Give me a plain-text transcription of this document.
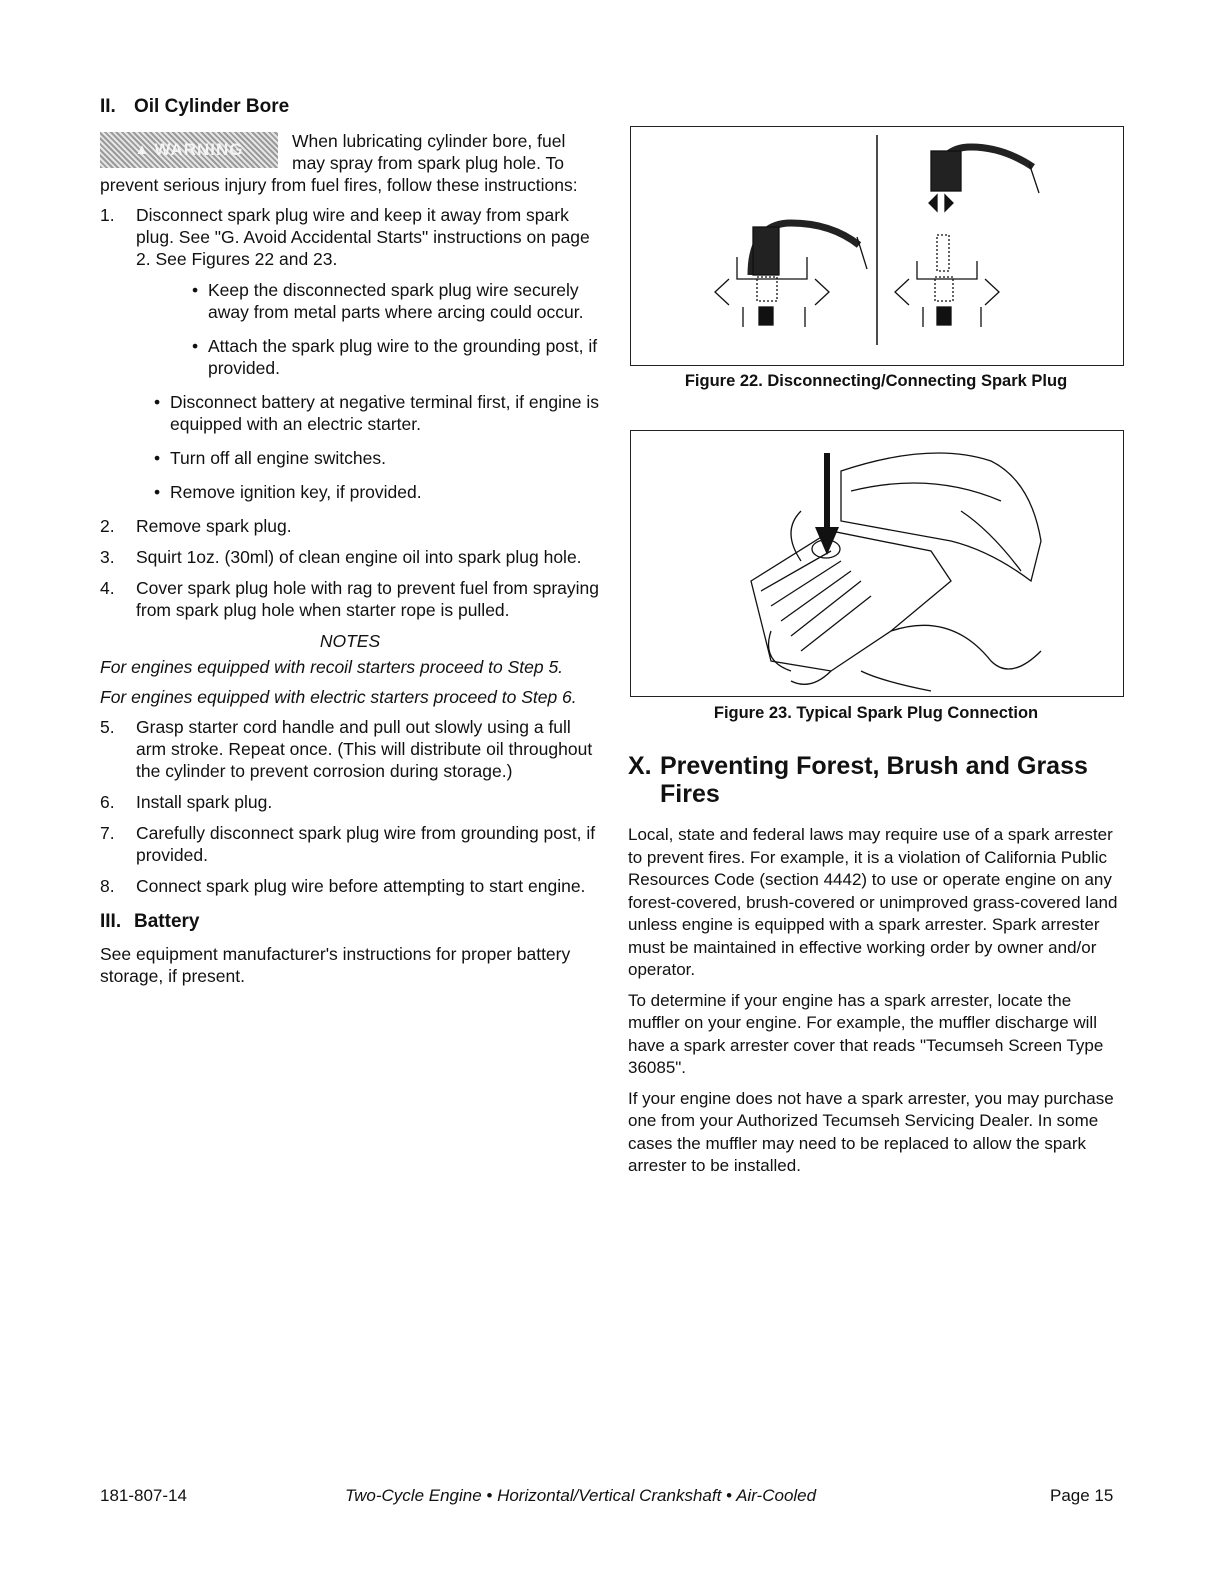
II. Oil Cylinder Bore
▲ WARNING	When lubricating cylinder bore, fuel may spray from spark plug hole. To prevent serious injury from fuel fires, follow these instructions:

1. Disconnect spark plug wire and keep it away from spark plug. See "G. Avoid Accidental Starts" instructions on page 2. See Figures 22 and 23.
• Keep the disconnected spark plug wire securely away from metal parts where arcing could occur.
• Attach the spark plug wire to the grounding post, if provided.
• Disconnect battery at negative terminal first, if engine is equipped with an electric starter.
• Turn off all engine switches.
• Remove ignition key, if provided.
2. Remove spark plug.
3. Squirt 1oz. (30ml) of clean engine oil into spark plug hole.
4. Cover spark plug hole with rag to prevent fuel from spraying from spark plug hole when starter rope is pulled.
NOTES

For engines equipped with recoil starters proceed to Step 5.

For engines equipped with electric starters proceed to Step 6.

5. Grasp starter cord handle and pull out slowly using a full arm stroke. Repeat once. (This will distribute oil throughout the cylinder to prevent corrosion during storage.)
6. Install spark plug.
7. Carefully disconnect spark plug wire from grounding post, if provided.
8. Connect spark plug wire before attempting to start engine.
III. Battery

See equipment manufacturer's instructions for proper battery storage, if present.

Figure 22. Disconnecting/Connecting Spark Plug
Figure 23. Typical Spark Plug Connection
X. Preventing Forest, Brush and Grass
Fires

Local, state and federal laws may require use of a spark arrester to prevent fires. For example, it is a violation of California Public Resources Code (section 4442) to use or operate engine on any forest-covered, brush-covered or unimproved grass-covered land unless engine is equipped with a spark arrester. Spark arrester must be maintained in effective working order by owner and/or operator.

To determine if your engine has a spark arrester, locate the muffler on your engine. For example, the muffler discharge will have a spark arrester cover that reads "Tecumseh Screen Type 36085".

If your engine does not have a spark arrester, you may purchase one from your Authorized Tecumseh Servicing Dealer. In some cases the muffler may need to be replaced to allow the spark arrester to be installed.

181-807-14	Two-Cycle Engine • Horizontal/Vertical Crankshaft • Air-Cooled	Page 15
